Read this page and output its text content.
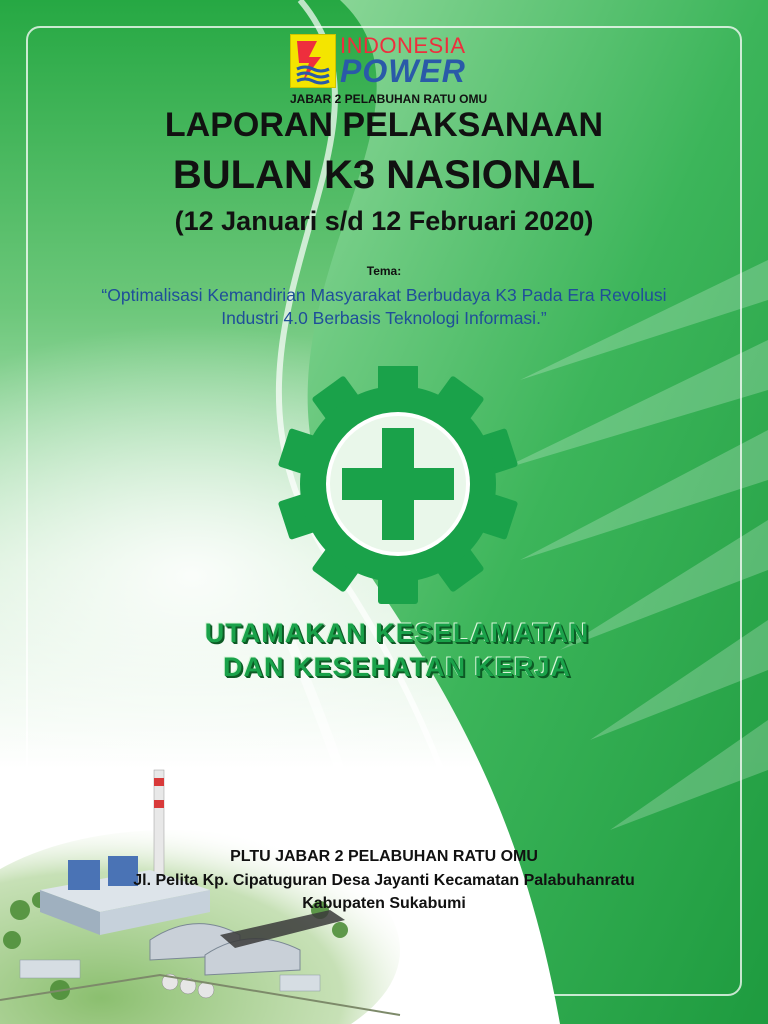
INDONESIA
POWER
JABAR 2 PELABUHAN RATU OMU
LAPORAN PELAKSANAAN
BULAN K3 NASIONAL
(12 Januari s/d 12 Februari 2020)
Tema:
“Optimalisasi Kemandirian Masyarakat Berbudaya K3 Pada Era Revolusi Industri 4.0 Berbasis Teknologi Informasi.”
UTAMAKAN KESELAMATAN
DAN KESEHATAN KERJA
PLTU JABAR 2 PELABUHAN RATU OMU
Jl. Pelita Kp. Cipatuguran Desa Jayanti Kecamatan Palabuhanratu
Kabupaten Sukabumi
